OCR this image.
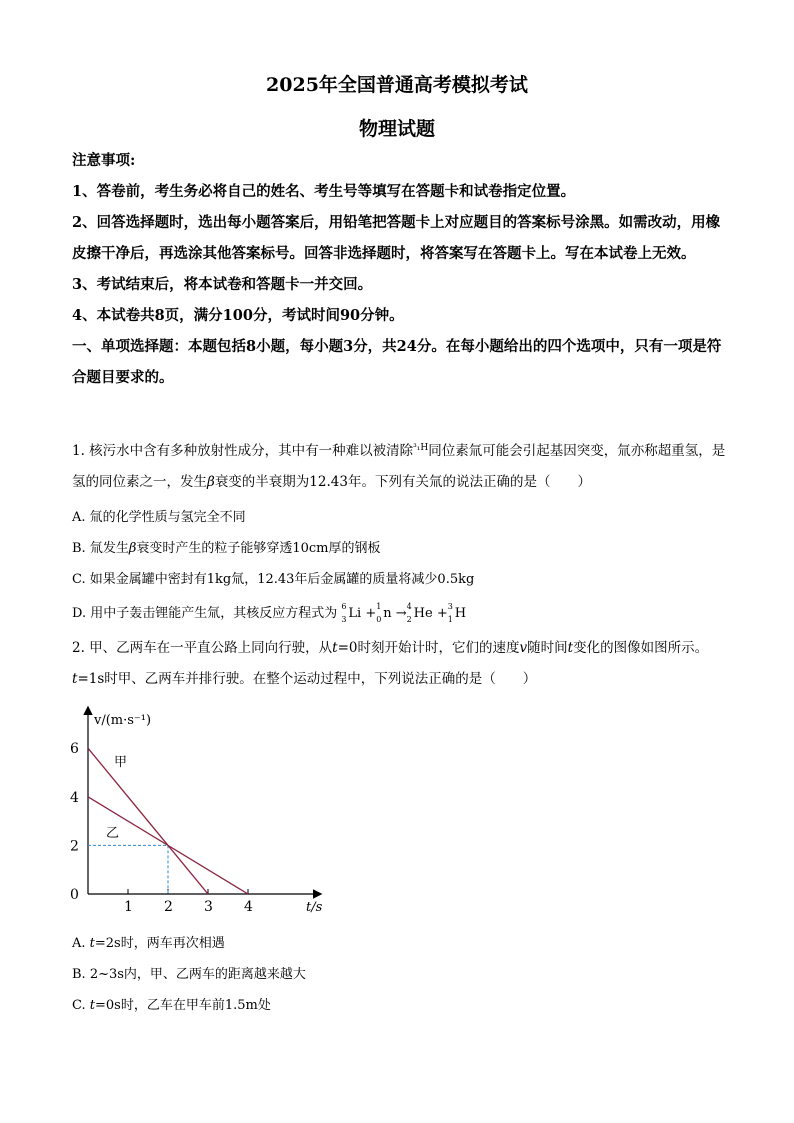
2025年全国普通高考模拟考试
物理试题

注意事项:

1、答卷前，考生务必将自己的姓名、考生号等填写在答题卡和试卷指定位置。

2、回答选择题时，选出每小题答案后，用铅笔把答题卡上对应题目的答案标号涂黑。如需改动，用橡皮擦干净后，再选涂其他答案标号。回答非选择题时，将答案写在答题卡上。写在本试卷上无效。

3、考试结束后，将本试卷和答题卡一并交回。

4、本试卷共8页，满分100分，考试时间90分钟。

一、单项选择题：本题包括8小题，每小题3分，共24分。在每小题给出的四个选项中，只有一项是符合题目要求的。

1. 核污水中含有多种放射性成分，其中有一种难以被清除$^{^3_1H}$同位素氚可能会引起基因突变，氚亦称超重氢，是氢的同位素之一，发生β衰变的半衰期为12.43年。下列有关氚的说法正确的是（　　）

A. 氚的化学性质与氢完全不同
B. 氚发生β衰变时产生的粒子能够穿透10cm厚的钢板
C. 如果金属罐中密封有1kg氚，12.43年后金属罐的质量将减少0.5kg
D. 用中子轰击锂能产生氚，其核反应方程式为 6
3 Li + 1
0 n → 4
2 He + 3
1 H

2. 甲、乙两车在一平直公路上同向行驶，从t=0时刻开始计时，它们的速度v随时间t变化的图像如图所示。t=1s时甲、乙两车并排行驶。在整个运动过程中，下列说法正确的是（　　）

v/(m·s⁻¹)
t/s
1 2 3 4
0
2
4
6
甲
乙
A. t=2s时，两车再次相遇
B. 2~3s内，甲、乙两车的距离越来越大
C. t=0s时，乙车在甲车前1.5m处
